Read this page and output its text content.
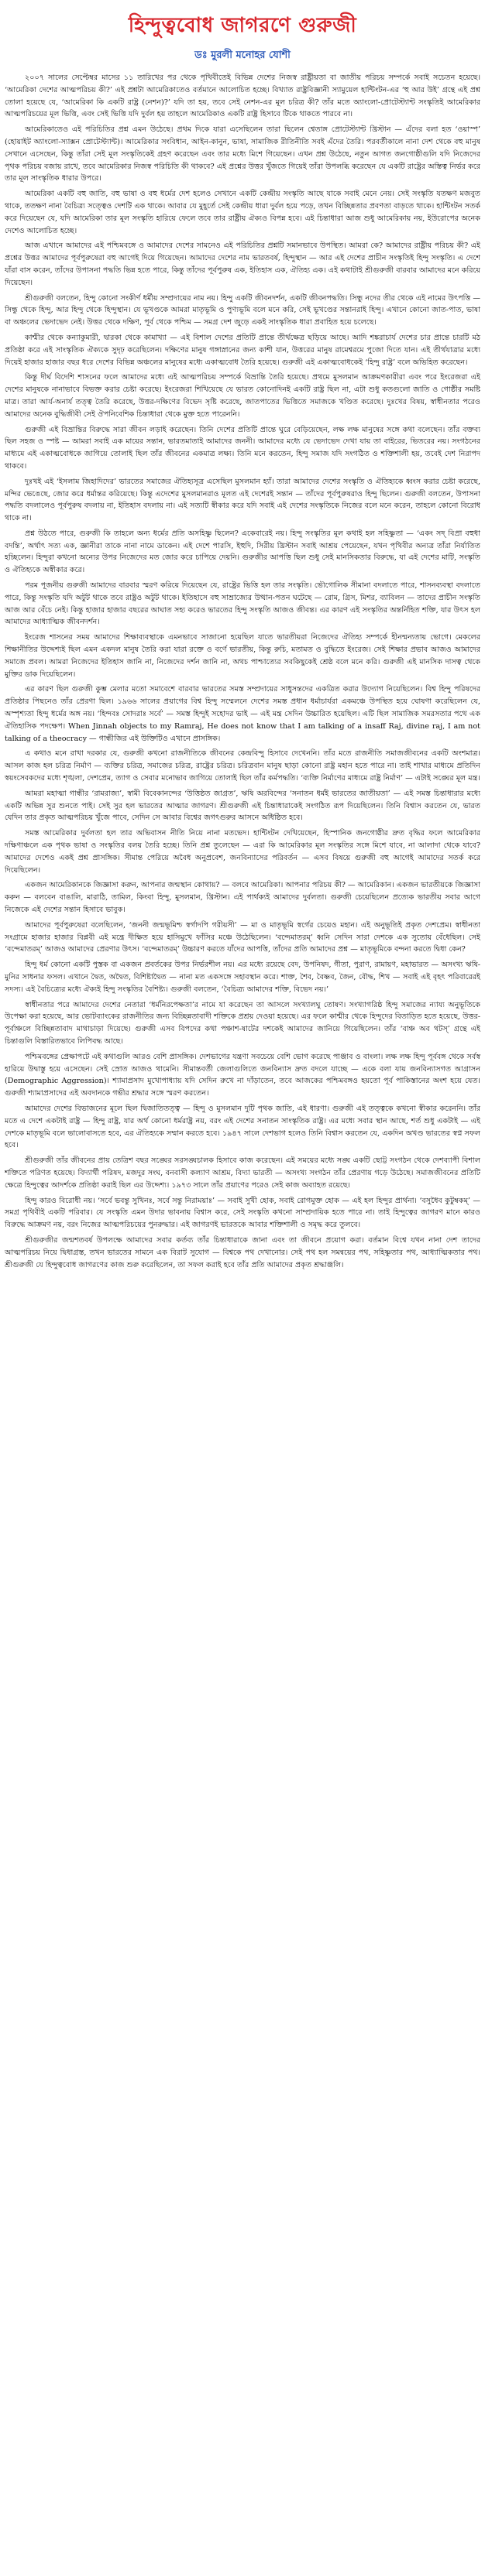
হিন্দুত্ববোধ জাগরণে গুরুজী
ডঃ মুরলী মনোহর যোশী

২০০৭ সালের সেপ্টেম্বর মাসের ১১ তারিখের পর থেকে পৃথিবীতেই বিভিন্ন দেশের নিজস্ব রাষ্ট্রীয়তা বা জাতীয় পরিচয় সম্পর্কে সবাই সচেতন হয়েছে। ‘আমেরিকা দেশের আত্মপরিচয় কী?’ এই প্রশ্নটা আমেরিকাতেও বর্তমানে আলোচিত হচ্ছে। বিখ্যাত রাষ্ট্রবিজ্ঞানী স্যামুয়েল হান্টিংটন-এর ‘হু আর উই’ গ্রন্থে এই প্রশ্ন তোলা হয়েছে যে, ‘আমেরিকা কি একটি রাষ্ট্র (নেশন)?’ যদি তা হয়, তবে সেই নেশন-এর মূল চরিত্র কী? তাঁর মতে অ্যাংলো-প্রোটেস্ট্যান্ট সংস্কৃতিই আমেরিকার আত্মপরিচয়ের মূল ভিত্তি, এবং সেই ভিত্তি যদি দুর্বল হয় তাহলে আমেরিকাও একটি রাষ্ট্র হিসাবে টিকে থাকতে পারবে না।

আমেরিকাতেও এই পরিচিতির প্রশ্ন এমন উঠেছে। প্রথম দিকে যারা এসেছিলেন তারা ছিলেন শ্বেতাঙ্গ প্রোটেস্ট্যান্ট খ্রিস্টান — এঁদের বলা হত ‘ওয়াস্প’ (হোয়াইট অ্যাংলো-স্যাক্সন প্রোটেস্ট্যান্ট)। আমেরিকার সংবিধান, আইন-কানুন, ভাষা, সামাজিক রীতিনীতি সবই এঁদের তৈরি। পরবর্তীকালে নানা দেশ থেকে বহু মানুষ সেখানে এসেছেন, কিন্তু তাঁরা সেই মূল সংস্কৃতিকেই গ্রহণ করেছেন এবং তার মধ্যে মিশে গিয়েছেন। এখন প্রশ্ন উঠেছে, নতুন আগত জনগোষ্ঠীগুলি যদি নিজেদের পৃথক পরিচয় বজায় রাখে, তবে আমেরিকার নিজস্ব পরিচিতি কী থাকবে? এই প্রশ্নের উত্তর খুঁজতে গিয়েই তাঁরা উপলব্ধি করেছেন যে একটি রাষ্ট্রের অস্তিত্ব নির্ভর করে তার মূল সাংস্কৃতিক ধারার উপরে।

আমেরিকা একটি বহু জাতি, বহু ভাষা ও বহু ধর্মের দেশ হলেও সেখানে একটি কেন্দ্রীয় সংস্কৃতি আছে যাকে সবাই মেনে নেয়। সেই সংস্কৃতি যতক্ষণ মজবুত থাকে, ততক্ষণ নানা বৈচিত্র্য সত্ত্বেও দেশটি এক থাকে। আবার যে মুহূর্তে সেই কেন্দ্রীয় ধারা দুর্বল হয়ে পড়ে, তখন বিচ্ছিন্নতার প্রবণতা বাড়তে থাকে। হান্টিংটন সতর্ক করে দিয়েছেন যে, যদি আমেরিকা তার মূল সংস্কৃতি হারিয়ে ফেলে তবে তার রাষ্ট্রীয় ঐক্যও বিপন্ন হবে। এই চিন্তাধারা আজ শুধু আমেরিকায় নয়, ইউরোপের অনেক দেশেও আলোচিত হচ্ছে।

আজ এখানে আমাদের এই পশ্চিমবঙ্গে ও আমাদের দেশের সামনেও এই পরিচিতির প্রশ্নটি সমানভাবে উপস্থিত। আমরা কে? আমাদের রাষ্ট্রীয় পরিচয় কী? এই প্রশ্নের উত্তর আমাদের পূর্বপুরুষেরা বহু আগেই দিয়ে গিয়েছেন। আমাদের দেশের নাম ভারতবর্ষ, হিন্দুস্থান — আর এই দেশের প্রাচীন সংস্কৃতিই হিন্দু সংস্কৃতি। এ দেশে যাঁরা বাস করেন, তাঁদের উপাসনা পদ্ধতি ভিন্ন হতে পারে, কিন্তু তাঁদের পূর্বপুরুষ এক, ইতিহাস এক, ঐতিহ্য এক। এই কথাটাই শ্রীগুরুজী বারবার আমাদের মনে করিয়ে দিয়েছেন।

শ্রীগুরুজী বলতেন, হিন্দু কোনো সংকীর্ণ ধর্মীয় সম্প্রদায়ের নাম নয়। হিন্দু একটি জীবনদর্শন, একটি জীবনপদ্ধতি। সিন্ধু নদের তীর থেকে এই নামের উৎপত্তি — সিন্ধু থেকে হিন্দু, আর হিন্দু থেকে হিন্দুস্থান। যে ভূখণ্ডকে আমরা মাতৃভূমি ও পুণ্যভূমি বলে মনে করি, সেই ভূখণ্ডের সন্তানরাই হিন্দু। এখানে কোনো জাত-পাত, ভাষা বা অঞ্চলের ভেদাভেদ নেই। উত্তর থেকে দক্ষিণ, পূর্ব থেকে পশ্চিম — সমগ্র দেশ জুড়ে একই সাংস্কৃতিক ধারা প্রবাহিত হয়ে চলেছে।

কাশ্মীর থেকে কন্যাকুমারী, দ্বারকা থেকে কামাখ্যা — এই বিশাল দেশের প্রতিটি প্রান্তে তীর্থক্ষেত্র ছড়িয়ে আছে। আদি শঙ্করাচার্য দেশের চার প্রান্তে চারটি মঠ প্রতিষ্ঠা করে এই সাংস্কৃতিক ঐক্যকে সুদৃঢ় করেছিলেন। দক্ষিণের মানুষ গঙ্গাস্নানের জন্য কাশী যান, উত্তরের মানুষ রামেশ্বরমে পুজো দিতে যান। এই তীর্থযাত্রার মধ্যে দিয়েই হাজার হাজার বছর ধরে দেশের বিভিন্ন অঞ্চলের মানুষের মধ্যে একাত্মবোধ তৈরি হয়েছে। গুরুজী এই একাত্মবোধকেই ‘হিন্দু রাষ্ট্র’ বলে অভিহিত করেছেন।

কিন্তু দীর্ঘ বিদেশি শাসনের ফলে আমাদের মধ্যে এই আত্মপরিচয় সম্পর্কে বিভ্রান্তি তৈরি হয়েছে। প্রথমে মুসলমান আক্রমণকারীরা এবং পরে ইংরেজরা এই দেশের মানুষকে নানাভাবে বিভক্ত করার চেষ্টা করেছে। ইংরেজরা শিখিয়েছে যে ভারত কোনোদিনই একটি রাষ্ট্র ছিল না, এটা শুধু কতগুলো জাতি ও গোষ্ঠীর সমষ্টি মাত্র। তারা আর্য-অনার্য তত্ত্ব তৈরি করেছে, উত্তর-দক্ষিণের বিভেদ সৃষ্টি করেছে, জাতপাতের ভিত্তিতে সমাজকে খণ্ডিত করেছে। দুঃখের বিষয়, স্বাধীনতার পরেও আমাদের অনেক বুদ্ধিজীবী সেই ঔপনিবেশিক চিন্তাধারা থেকে মুক্ত হতে পারেননি।

গুরুজী এই বিভ্রান্তির বিরুদ্ধে সারা জীবন লড়াই করেছেন। তিনি দেশের প্রতিটি প্রান্তে ঘুরে বেড়িয়েছেন, লক্ষ লক্ষ মানুষের সঙ্গে কথা বলেছেন। তাঁর বক্তব্য ছিল সহজ ও স্পষ্ট — আমরা সবাই এক মায়ের সন্তান, ভারতমাতাই আমাদের জননী। আমাদের মধ্যে যে ভেদাভেদ দেখা যায় তা বাইরের, ভিতরের নয়। সংগঠনের মাধ্যমে এই একাত্মবোধকে জাগিয়ে তোলাই ছিল তাঁর জীবনের একমাত্র লক্ষ্য। তিনি মনে করতেন, হিন্দু সমাজ যদি সংগঠিত ও শক্তিশালী হয়, তবেই দেশ নিরাপদ থাকবে।

দুঃখই এই ‘ইসলাম জিহাদিদের’ ভারতের সমাজের ঐতিহ্যসূত্র এসেছিল মুসলমান হ্যাঁ। তারা আমাদের দেশের সংস্কৃতি ও ঐতিহ্যকে ধ্বংস করার চেষ্টা করেছে, মন্দির ভেঙেছে, জোর করে ধর্মান্তর করিয়েছে। কিন্তু এদেশের মুসলমানরাও মূলত এই দেশেরই সন্তান — তাঁদের পূর্বপুরুষরাও হিন্দু ছিলেন। গুরুজী বলতেন, উপাসনা পদ্ধতি বদলালেও পূর্বপুরুষ বদলায় না, ইতিহাস বদলায় না। এই সত্যটি স্বীকার করে যদি সবাই এই দেশের সংস্কৃতিকে নিজের বলে মনে করেন, তাহলে কোনো বিরোধ থাকে না।

প্রশ্ন উঠতে পারে, গুরুজী কি তাহলে অন্য ধর্মের প্রতি অসহিষ্ণু ছিলেন? একেবারেই নয়। হিন্দু সংস্কৃতির মূল কথাই হল সহিষ্ণুতা — ‘একং সদ্ বিপ্রা বহুধা বদন্তি’, অর্থাৎ সত্য এক, জ্ঞানীরা তাকে নানা নামে ডাকেন। এই দেশে পারসি, ইহুদি, সিরীয় খ্রিস্টান সবাই আশ্রয় পেয়েছেন, যখন পৃথিবীর অন্যত্র তাঁরা নির্যাতিত হচ্ছিলেন। হিন্দুরা কখনো অন্যের উপর নিজেদের মত জোর করে চাপিয়ে দেয়নি। গুরুজীর আপত্তি ছিল শুধু সেই মানসিকতার বিরুদ্ধে, যা এই দেশের মাটি, সংস্কৃতি ও ঐতিহ্যকে অস্বীকার করে।

পরম পূজনীয় গুরুজী আমাদের বারবার স্মরণ করিয়ে দিয়েছেন যে, রাষ্ট্রের ভিত্তি হল তার সংস্কৃতি। ভৌগোলিক সীমানা বদলাতে পারে, শাসনব্যবস্থা বদলাতে পারে, কিন্তু সংস্কৃতি যদি অটুট থাকে তবে রাষ্ট্রও অটুট থাকে। ইতিহাসে বহু সাম্রাজ্যের উত্থান-পতন ঘটেছে — রোম, গ্রিস, মিশর, ব্যাবিলন — তাদের প্রাচীন সংস্কৃতি আজ আর বেঁচে নেই। কিন্তু হাজার হাজার বছরের আঘাত সহ্য করেও ভারতের হিন্দু সংস্কৃতি আজও জীবন্ত। এর কারণ এই সংস্কৃতির অন্তর্নিহিত শক্তি, যার উৎস হল আমাদের আধ্যাত্মিক জীবনদর্শন।

ইংরেজ শাসনের সময় আমাদের শিক্ষাব্যবস্থাকে এমনভাবে সাজানো হয়েছিল যাতে ভারতীয়রা নিজেদের ঐতিহ্য সম্পর্কে হীনম্মন্যতায় ভোগে। মেকলের শিক্ষানীতির উদ্দেশ্যই ছিল এমন একদল মানুষ তৈরি করা যারা রক্তে ও বর্ণে ভারতীয়, কিন্তু রুচি, মতামত ও বুদ্ধিতে ইংরেজ। সেই শিক্ষার প্রভাব আজও আমাদের সমাজে প্রবল। আমরা নিজেদের ইতিহাস জানি না, নিজেদের দর্শন জানি না, অথচ পাশ্চাত্যের সবকিছুকেই শ্রেষ্ঠ বলে মনে করি। গুরুজী এই মানসিক দাসত্ব থেকে মুক্তির ডাক দিয়েছিলেন।

এর কারণ ছিল গুরুজী কুম্ভ মেলার মতো সমাবেশে বারবার ভারতের সমস্ত সম্প্রদায়ের সাধুসন্তদের একত্রিত করার উদ্যোগ নিয়েছিলেন। বিশ্ব হিন্দু পরিষদের প্রতিষ্ঠার পিছনেও তাঁর প্রেরণা ছিল। ১৯৬৬ সালের প্রয়াগের বিশ্ব হিন্দু সম্মেলনে দেশের সমস্ত প্রধান ধর্মাচার্যরা একমঞ্চে উপস্থিত হয়ে ঘোষণা করেছিলেন যে, অস্পৃশ্যতা হিন্দু ধর্মের অঙ্গ নয়। ‘হিন্দবঃ সোদরাঃ সর্বে’ — সমস্ত হিন্দুই সহোদর ভাই — এই মন্ত্র সেদিন উচ্চারিত হয়েছিল। এটি ছিল সামাজিক সমরসতার পথে এক ঐতিহাসিক পদক্ষেপ। When Jinnah objects to my Ramraj, He does not know that I am talking of a insaff Raj, divine raj, I am not talking of a theocracy — গান্ধীজির এই উক্তিটিও এখানে প্রাসঙ্গিক।

এ কথাও মনে রাখা দরকার যে, গুরুজী কখনো রাজনীতিকে জীবনের কেন্দ্রবিন্দু হিসাবে দেখেননি। তাঁর মতে রাজনীতি সমাজজীবনের একটি অংশমাত্র। আসল কাজ হল চরিত্র নির্মাণ — ব্যক্তির চরিত্র, সমাজের চরিত্র, রাষ্ট্রের চরিত্র। চরিত্রবান মানুষ ছাড়া কোনো রাষ্ট্র মহান হতে পারে না। তাই শাখার মাধ্যমে প্রতিদিন স্বয়ংসেবকদের মধ্যে শৃঙ্খলা, দেশপ্রেম, ত্যাগ ও সেবার মনোভাব জাগিয়ে তোলাই ছিল তাঁর কর্মপদ্ধতি। ‘ব্যক্তি নির্মাণের মাধ্যমে রাষ্ট্র নির্মাণ’ — এটাই সঙ্ঘের মূল মন্ত্র।

আমরা মহাত্মা গান্ধীর ‘রামরাজ্য’, স্বামী বিবেকানন্দের ‘উত্তিষ্ঠত জাগ্রত’, ঋষি অরবিন্দের ‘সনাতন ধর্মই ভারতের জাতীয়তা’ — এই সমস্ত চিন্তাধারার মধ্যে একটি অভিন্ন সুর শুনতে পাই। সেই সুর হল ভারতের আত্মার জাগরণ। শ্রীগুরুজী এই চিন্তাধারাকেই সংগঠিত রূপ দিয়েছিলেন। তিনি বিশ্বাস করতেন যে, ভারত যেদিন তার প্রকৃত আত্মপরিচয় খুঁজে পাবে, সেদিন সে আবার বিশ্বের জগৎগুরুর আসনে অধিষ্ঠিত হবে।

সমস্ত আমেরিকার দুর্বলতা হল তার অভিবাসন নীতি নিয়ে নানা মতভেদ। হান্টিংটন দেখিয়েছেন, হিস্পানিক জনগোষ্ঠীর দ্রুত বৃদ্ধির ফলে আমেরিকার দক্ষিণাঞ্চলে এক পৃথক ভাষা ও সংস্কৃতির বলয় তৈরি হচ্ছে। তিনি প্রশ্ন তুলেছেন — এরা কি আমেরিকার মূল সংস্কৃতির সঙ্গে মিশে যাবে, না আলাদা থেকে যাবে? আমাদের দেশেও একই প্রশ্ন প্রাসঙ্গিক। সীমান্ত পেরিয়ে অবৈধ অনুপ্রবেশ, জনবিন্যাসের পরিবর্তন — এসব বিষয়ে গুরুজী বহু আগেই আমাদের সতর্ক করে দিয়েছিলেন।

একজন আমেরিকানকে জিজ্ঞাসা করুন, আপনার জন্মস্থান কোথায়? — বলবে আমেরিকা। আপনার পরিচয় কী? — আমেরিকান। একজন ভারতীয়কে জিজ্ঞাসা করুন — বলবেন বাঙালি, মারাঠি, তামিল, কিংবা হিন্দু, মুসলমান, খ্রিস্টান। এই পার্থক্যই আমাদের দুর্বলতা। গুরুজী চেয়েছিলেন প্রত্যেক ভারতীয় সবার আগে নিজেকে এই দেশের সন্তান হিসাবে ভাবুক।

আমাদের পূর্বপুরুষেরা বলেছিলেন, ‘জননী জন্মভূমিশ্চ স্বর্গাদপি গরীয়সী’ — মা ও মাতৃভূমি স্বর্গের চেয়েও মহান। এই অনুভূতিই প্রকৃত দেশপ্রেম। স্বাধীনতা সংগ্রামে হাজার হাজার বিপ্লবী এই মন্ত্রে দীক্ষিত হয়ে হাসিমুখে ফাঁসির মঞ্চে উঠেছিলেন। ‘বন্দেমাতরম্’ ধ্বনি সেদিন সারা দেশকে এক সুতোয় বেঁধেছিল। সেই ‘বন্দেমাতরম্’ আজও আমাদের প্রেরণার উৎস। ‘বন্দেমাতরম্’ উচ্চারণ করতে যাঁদের আপত্তি, তাঁদের প্রতি আমাদের প্রশ্ন — মাতৃভূমিকে বন্দনা করতে দ্বিধা কেন?

হিন্দু ধর্ম কোনো একটি পুস্তক বা একজন প্রবর্তকের উপর নির্ভরশীল নয়। এর মধ্যে রয়েছে বেদ, উপনিষদ, গীতা, পুরাণ, রামায়ণ, মহাভারত — অসংখ্য ঋষি-মুনির সাধনার ফসল। এখানে দ্বৈত, অদ্বৈত, বিশিষ্টাদ্বৈত — নানা মত একসঙ্গে সহাবস্থান করে। শাক্ত, শৈব, বৈষ্ণব, জৈন, বৌদ্ধ, শিখ — সবাই এই বৃহৎ পরিবারেরই সদস্য। এই বৈচিত্র্যের মধ্যে ঐক্যই হিন্দু সংস্কৃতির বৈশিষ্ট্য। গুরুজী বলতেন, ‘বৈচিত্র্য আমাদের শক্তি, বিভেদ নয়।’

স্বাধীনতার পরে আমাদের দেশের নেতারা ‘ধর্মনিরপেক্ষতা’র নামে যা করেছেন তা আসলে সংখ্যালঘু তোষণ। সংখ্যাগরিষ্ঠ হিন্দু সমাজের ন্যায্য অনুভূতিকে উপেক্ষা করা হয়েছে, আর ভোটব্যাংকের রাজনীতির জন্য বিচ্ছিন্নতাবাদী শক্তিকে প্রশ্রয় দেওয়া হয়েছে। এর ফলে কাশ্মীর থেকে হিন্দুদের বিতাড়িত হতে হয়েছে, উত্তর-পূর্বাঞ্চলে বিচ্ছিন্নতাবাদ মাথাচাড়া দিয়েছে। গুরুজী এসব বিপদের কথা পঞ্চাশ-ষাটের দশকেই আমাদের জানিয়ে গিয়েছিলেন। তাঁর ‘বাঞ্চ অব থটস্’ গ্রন্থে এই চিন্তাগুলি বিস্তারিতভাবে লিপিবদ্ধ আছে।

পশ্চিমবঙ্গের প্রেক্ষাপটে এই কথাগুলি আরও বেশি প্রাসঙ্গিক। দেশভাগের যন্ত্রণা সবচেয়ে বেশি ভোগ করেছে পাঞ্জাব ও বাংলা। লক্ষ লক্ষ হিন্দু পূর্ববঙ্গ থেকে সর্বস্ব হারিয়ে উদ্বাস্তু হয়ে এসেছেন। সেই স্রোত আজও থামেনি। সীমান্তবর্তী জেলাগুলিতে জনবিন্যাস দ্রুত বদলে যাচ্ছে — একে বলা যায় জনবিন্যাসগত আগ্রাসন (Demographic Aggression)। শ্যামাপ্রসাদ মুখোপাধ্যায় যদি সেদিন রুখে না দাঁড়াতেন, তবে আজকের পশ্চিমবঙ্গও হয়তো পূর্ব পাকিস্তানের অংশ হয়ে যেত। গুরুজী শ্যামাপ্রসাদের এই অবদানকে গভীর শ্রদ্ধার সঙ্গে স্মরণ করতেন।

আমাদের দেশের বিভাজনের মূলে ছিল দ্বিজাতিতত্ত্ব — হিন্দু ও মুসলমান দুটি পৃথক জাতি, এই ধারণা। গুরুজী এই তত্ত্বকে কখনো স্বীকার করেননি। তাঁর মতে এ দেশে একটাই রাষ্ট্র — হিন্দু রাষ্ট্র, যার অর্থ কোনো ধর্মরাষ্ট্র নয়, বরং এই দেশের সনাতন সাংস্কৃতিক রাষ্ট্র। এর মধ্যে সবার স্থান আছে, শর্ত শুধু একটাই — এই দেশকে মাতৃভূমি বলে ভালোবাসতে হবে, এর ঐতিহ্যকে সম্মান করতে হবে। ১৯৪৭ সালে দেশভাগ হলেও তিনি বিশ্বাস করতেন যে, একদিন অখণ্ড ভারতের স্বপ্ন সফল হবে।

শ্রীগুরুজী তাঁর জীবনের প্রায় তেত্রিশ বছর সঙ্ঘের সরসঙ্ঘচালক হিসাবে কাজ করেছেন। এই সময়ের মধ্যে সঙ্ঘ একটি ছোট্ট সংগঠন থেকে দেশব্যাপী বিশাল শক্তিতে পরিণত হয়েছে। বিদ্যার্থী পরিষদ, মজদুর সংঘ, বনবাসী কল্যাণ আশ্রম, বিদ্যা ভারতী — অসংখ্য সংগঠন তাঁর প্রেরণায় গড়ে উঠেছে। সমাজজীবনের প্রতিটি ক্ষেত্রে হিন্দুত্বের আদর্শকে প্রতিষ্ঠা করাই ছিল এর উদ্দেশ্য। ১৯৭৩ সালে তাঁর প্রয়াণের পরেও সেই কাজ অব্যাহত রয়েছে।

হিন্দু কারও বিরোধী নয়। ‘সর্বে ভবন্তু সুখিনঃ, সর্বে সন্তু নিরাময়াঃ’ — সবাই সুখী হোক, সবাই রোগমুক্ত হোক — এই হল হিন্দুর প্রার্থনা। ‘বসুধৈব কুটুম্বকম্’ — সমগ্র পৃথিবীই একটি পরিবার। যে সংস্কৃতি এমন উদার ভাবনায় বিশ্বাস করে, সেই সংস্কৃতি কখনো সাম্প্রদায়িক হতে পারে না। তাই হিন্দুত্বের জাগরণ মানে কারও বিরুদ্ধে আক্রমণ নয়, বরং নিজের আত্মপরিচয়ের পুনরুদ্ধার। এই জাগরণই ভারতকে আবার শক্তিশালী ও সমৃদ্ধ করে তুলবে।

শ্রীগুরুজীর জন্মশতবর্ষ উপলক্ষে আমাদের সবার কর্তব্য তাঁর চিন্তাধারাকে জানা এবং তা জীবনে প্রয়োগ করা। বর্তমান বিশ্বে যখন নানা দেশ তাদের আত্মপরিচয় নিয়ে দ্বিধাগ্রস্ত, তখন ভারতের সামনে এক বিরাট সুযোগ — বিশ্বকে পথ দেখানোর। সেই পথ হল সমন্বয়ের পথ, সহিষ্ণুতার পথ, আধ্যাত্মিকতার পথ। শ্রীগুরুজী যে হিন্দুত্ববোধ জাগরণের কাজ শুরু করেছিলেন, তা সফল করাই হবে তাঁর প্রতি আমাদের প্রকৃত শ্রদ্ধাঞ্জলি।
